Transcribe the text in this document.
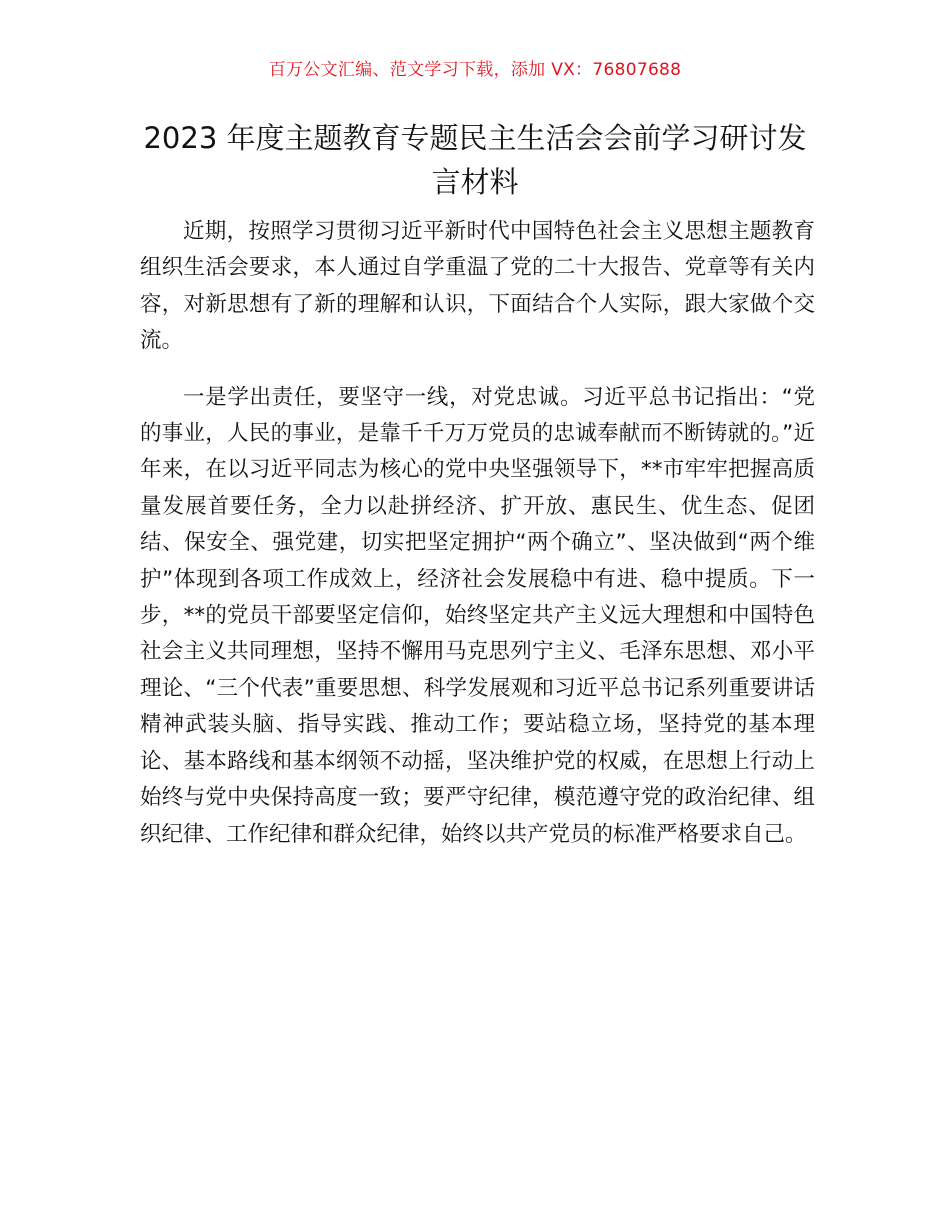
百万公文汇编、范文学习下载，添加 VX：76807688
2023 年度主题教育专题民主生活会会前学习研讨发言材料

近期，按照学习贯彻习近平新时代中国特色社会主义思想主题教育组织生活会要求，本人通过自学重温了党的二十大报告、党章等有关内容，对新思想有了新的理解和认识，下面结合个人实际，跟大家做个交流。

一是学出责任，要坚守一线，对党忠诚。习近平总书记指出：“党的事业，人民的事业，是靠千千万万党员的忠诚奉献而不断铸就的。”近年来，在以习近平同志为核心的党中央坚强领导下，**市牢牢把握高质量发展首要任务，全力以赴拼经济、扩开放、惠民生、优生态、促团结、保安全、强党建，切实把坚定拥护“两个确立”、坚决做到“两个维护”体现到各项工作成效上，经济社会发展稳中有进、稳中提质。下一步，**的党员干部要坚定信仰，始终坚定共产主义远大理想和中国特色社会主义共同理想，坚持不懈用马克思列宁主义、毛泽东思想、邓小平理论、“三个代表”重要思想、科学发展观和习近平总书记系列重要讲话精神武装头脑、指导实践、推动工作；要站稳立场，坚持党的基本理论、基本路线和基本纲领不动摇，坚决维护党的权威，在思想上行动上始终与党中央保持高度一致；要严守纪律，模范遵守党的政治纪律、组织纪律、工作纪律和群众纪律，始终以共产党员的标准严格要求自己。
